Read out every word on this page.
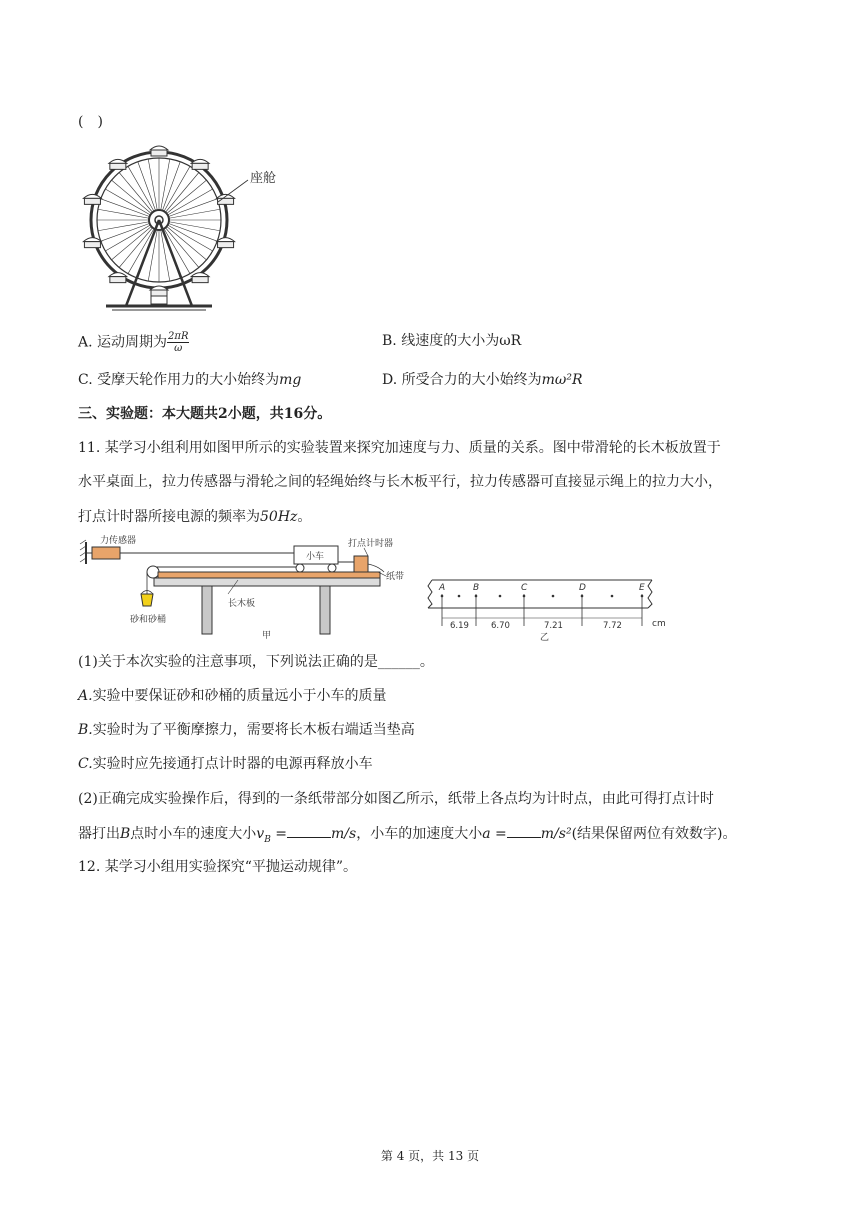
(　)
座舱
A. 运动周期为 $\frac{2\pi R}{\omega}$	B. 线速度的大小为ωR
C. 受摩天轮作用力的大小始终为mg	D. 所受合力的大小始终为mω²R
三、实验题：本大题共2小题，共16分。
11. 某学习小组利用如图甲所示的实验装置来探究加速度与力、质量的关系。图中带滑轮的长木板放置于
水平桌面上，拉力传感器与滑轮之间的轻绳始终与长木板平行，拉力传感器可直接显示绳上的拉力大小，
打点计时器所接电源的频率为50Hz。
力传感器
小车
打点计时器
纸带
长木板
砂和砂桶
甲
A
6.19
B
6.70
C
7.21
D
7.72
E
cm
乙
(1)关于本次实验的注意事项，下列说法正确的是______。
A.实验中要保证砂和砂桶的质量远小于小车的质量
B.实验时为了平衡摩擦力，需要将长木板右端适当垫高
C.实验时应先接通打点计时器的电源再释放小车
(2)正确完成实验操作后，得到的一条纸带部分如图乙所示，纸带上各点均为计时点，由此可得打点计时
器打出B点时小车的速度大小$v_B$ =	m/s，小车的加速度大小a = m/s²(结果保留两位有效数字)。
12. 某学习小组用实验探究“平抛运动规律”。
第 4 页，共 13 页
